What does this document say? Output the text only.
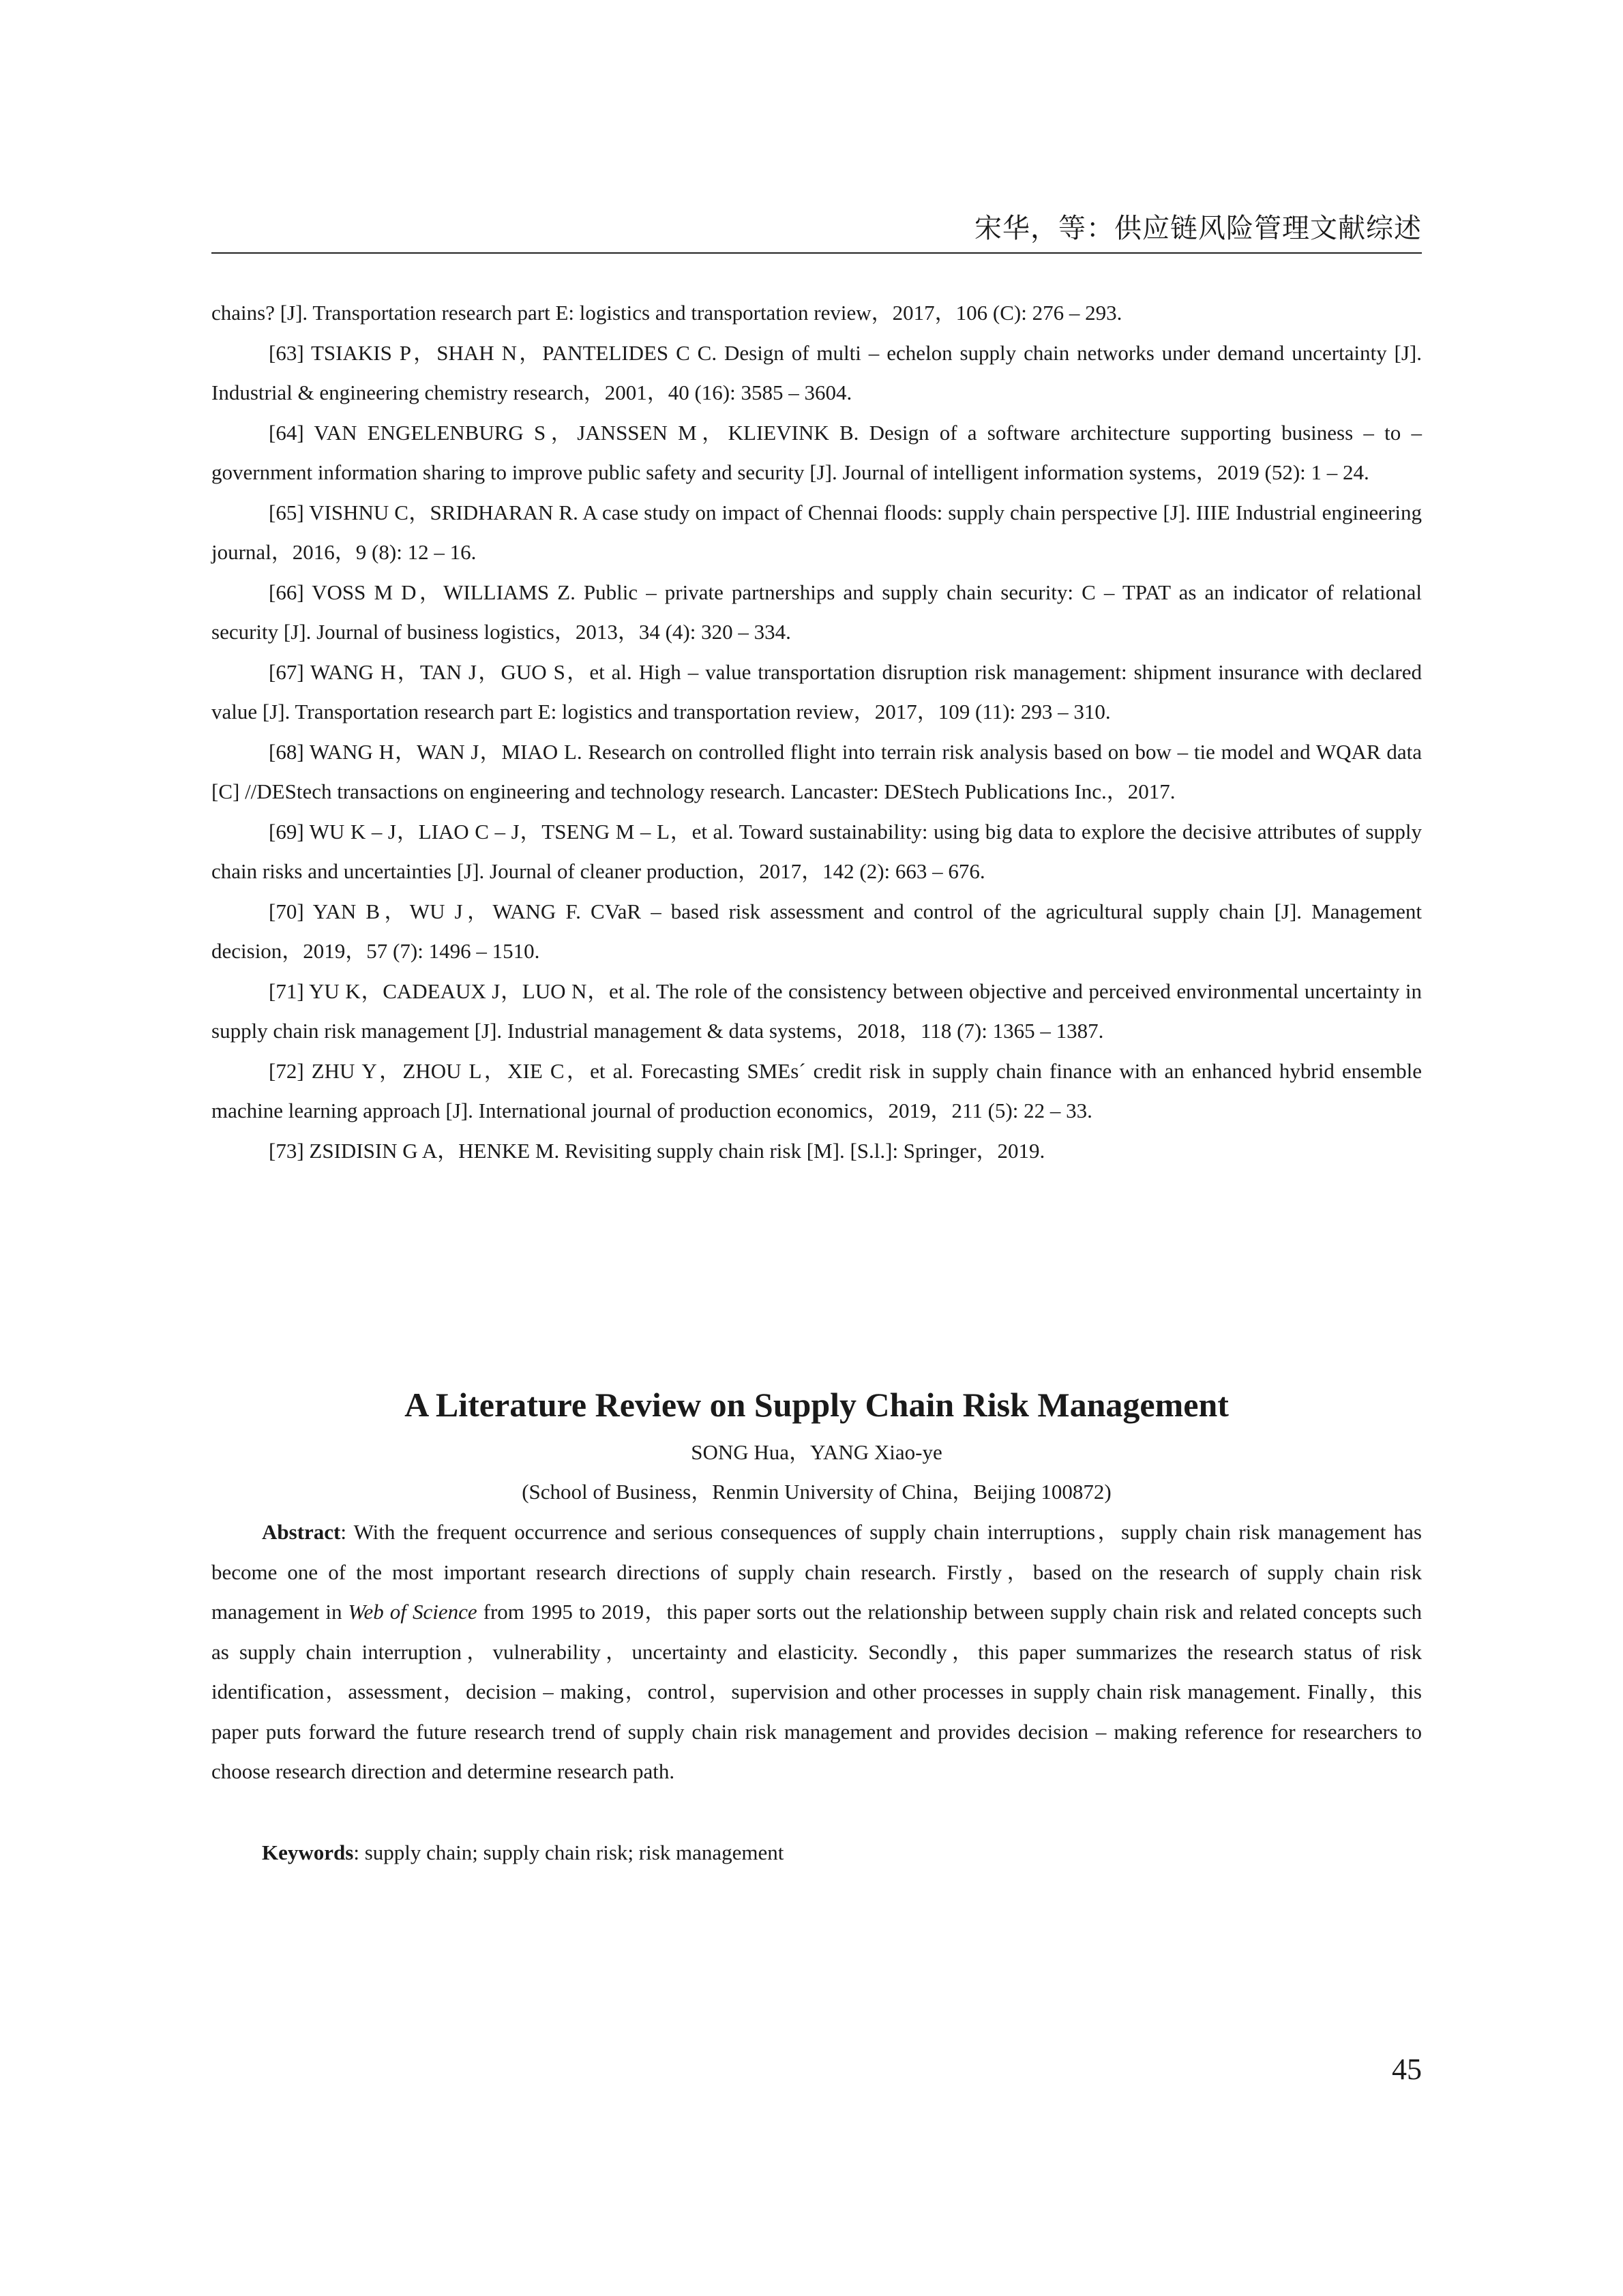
宋华，等：供应链风险管理文献综述

chains? [J]. Transportation research part E: logistics and transportation review，2017，106 (C): 276 – 293.

[63] TSIAKIS P，SHAH N，PANTELIDES C C. Design of multi – echelon supply chain networks under demand uncertainty [J]. Industrial & engineering chemistry research，2001，40 (16): 3585 – 3604.

[64] VAN ENGELENBURG S，JANSSEN M，KLIEVINK B. Design of a software architecture supporting business – to – government information sharing to improve public safety and security [J]. Journal of intelligent information systems，2019 (52): 1 – 24.

[65] VISHNU C，SRIDHARAN R. A case study on impact of Chennai floods: supply chain perspective [J]. IIIE Industrial engineering journal，2016，9 (8): 12 – 16.

[66] VOSS M D，WILLIAMS Z. Public – private partnerships and supply chain security: C – TPAT as an indicator of relational security [J]. Journal of business logistics，2013，34 (4): 320 – 334.

[67] WANG H，TAN J，GUO S，et al. High – value transportation disruption risk management: shipment insurance with declared value [J]. Transportation research part E: logistics and transportation review，2017，109 (11): 293 – 310.

[68] WANG H，WAN J，MIAO L. Research on controlled flight into terrain risk analysis based on bow – tie model and WQAR data [C] //DEStech transactions on engineering and technology research. Lancaster: DEStech Publications Inc.，2017.

[69] WU K – J，LIAO C – J，TSENG M – L，et al. Toward sustainability: using big data to explore the decisive attributes of supply chain risks and uncertainties [J]. Journal of cleaner production，2017，142 (2): 663 – 676.

[70] YAN B，WU J，WANG F. CVaR – based risk assessment and control of the agricultural supply chain [J]. Management decision，2019，57 (7): 1496 – 1510.

[71] YU K，CADEAUX J，LUO N，et al. The role of the consistency between objective and perceived environmental uncertainty in supply chain risk management [J]. Industrial management & data systems，2018，118 (7): 1365 – 1387.

[72] ZHU Y，ZHOU L，XIE C，et al. Forecasting SMEs´ credit risk in supply chain finance with an enhanced hybrid ensemble machine learning approach [J]. International journal of production economics，2019，211 (5): 22 – 33.

[73] ZSIDISIN G A，HENKE M. Revisiting supply chain risk [M]. [S.l.]: Springer，2019.

A Literature Review on Supply Chain Risk Management
SONG Hua，YANG Xiao-ye
(School of Business，Renmin University of China，Beijing 100872)

Abstract: With the frequent occurrence and serious consequences of supply chain interruptions，supply chain risk management has become one of the most important research directions of supply chain research. Firstly，based on the research of supply chain risk management in Web of Science from 1995 to 2019，this paper sorts out the relationship between supply chain risk and related concepts such as supply chain interruption，vulnerability，uncertainty and elasticity. Secondly，this paper summarizes the research status of risk identification，assessment，decision – making，control，supervision and other processes in supply chain risk management. Finally，this paper puts forward the future research trend of supply chain risk management and provides decision – making reference for researchers to choose research direction and determine research path.

Keywords: supply chain; supply chain risk; risk management

45
